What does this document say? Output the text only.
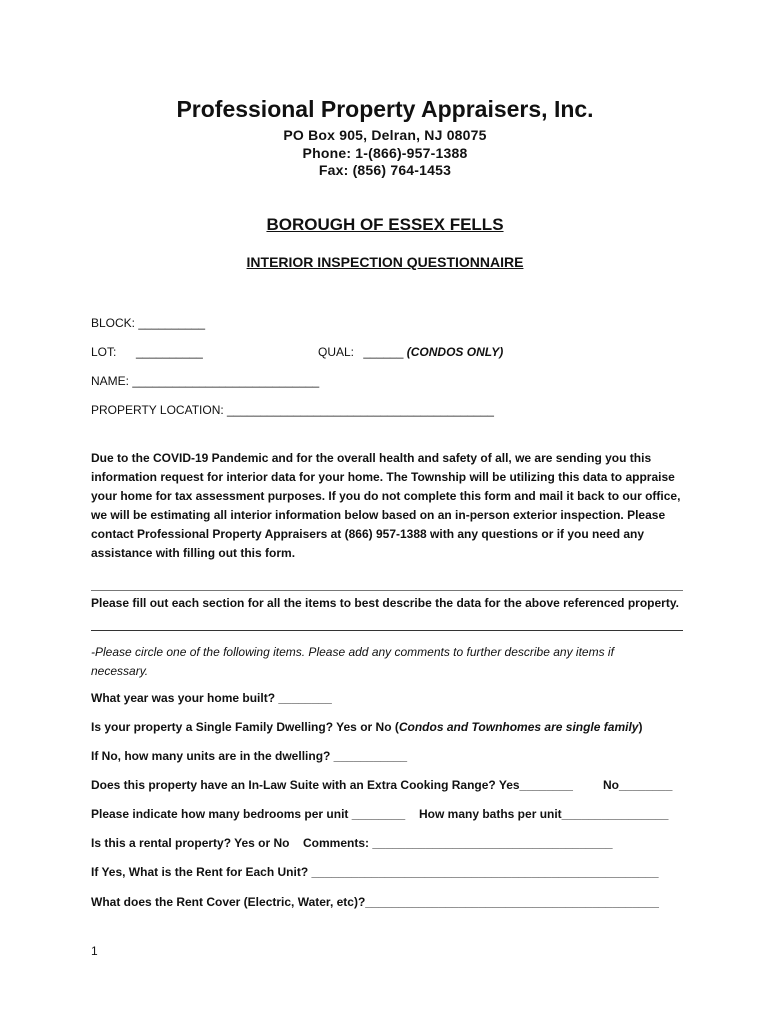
Professional Property Appraisers, Inc.
PO Box 905, Delran, NJ 08075
Phone: 1-(866)-957-1388
Fax: (856) 764-1453
BOROUGH OF ESSEX FELLS
INTERIOR INSPECTION QUESTIONNAIRE
BLOCK: __________
LOT: __________	QUAL: ______ (CONDOS ONLY)
NAME: ____________________________
PROPERTY LOCATION: ________________________________________
Due to the COVID-19 Pandemic and for the overall health and safety of all, we are sending you this information request for interior data for your home. The Township will be utilizing this data to appraise your home for tax assessment purposes. If you do not complete this form and mail it back to our office, we will be estimating all interior information below based on an in-person exterior inspection. Please contact Professional Property Appraisers at (866) 957-1388 with any questions or if you need any assistance with filling out this form.
Please fill out each section for all the items to best describe the data for the above referenced property.
-Please circle one of the following items. Please add any comments to further describe any items if necessary.
What year was your home built? ________
Is your property a Single Family Dwelling? Yes or No (Condos and Townhomes are single family)
If No, how many units are in the dwelling? ___________
Does this property have an In-Law Suite with an Extra Cooking Range? Yes________	No________
Please indicate how many bedrooms per unit ________ How many baths per unit________________
Is this a rental property? Yes or No Comments: ____________________________________
If Yes, What is the Rent for Each Unit? ____________________________________________________
What does the Rent Cover (Electric, Water, etc)?____________________________________________
1
